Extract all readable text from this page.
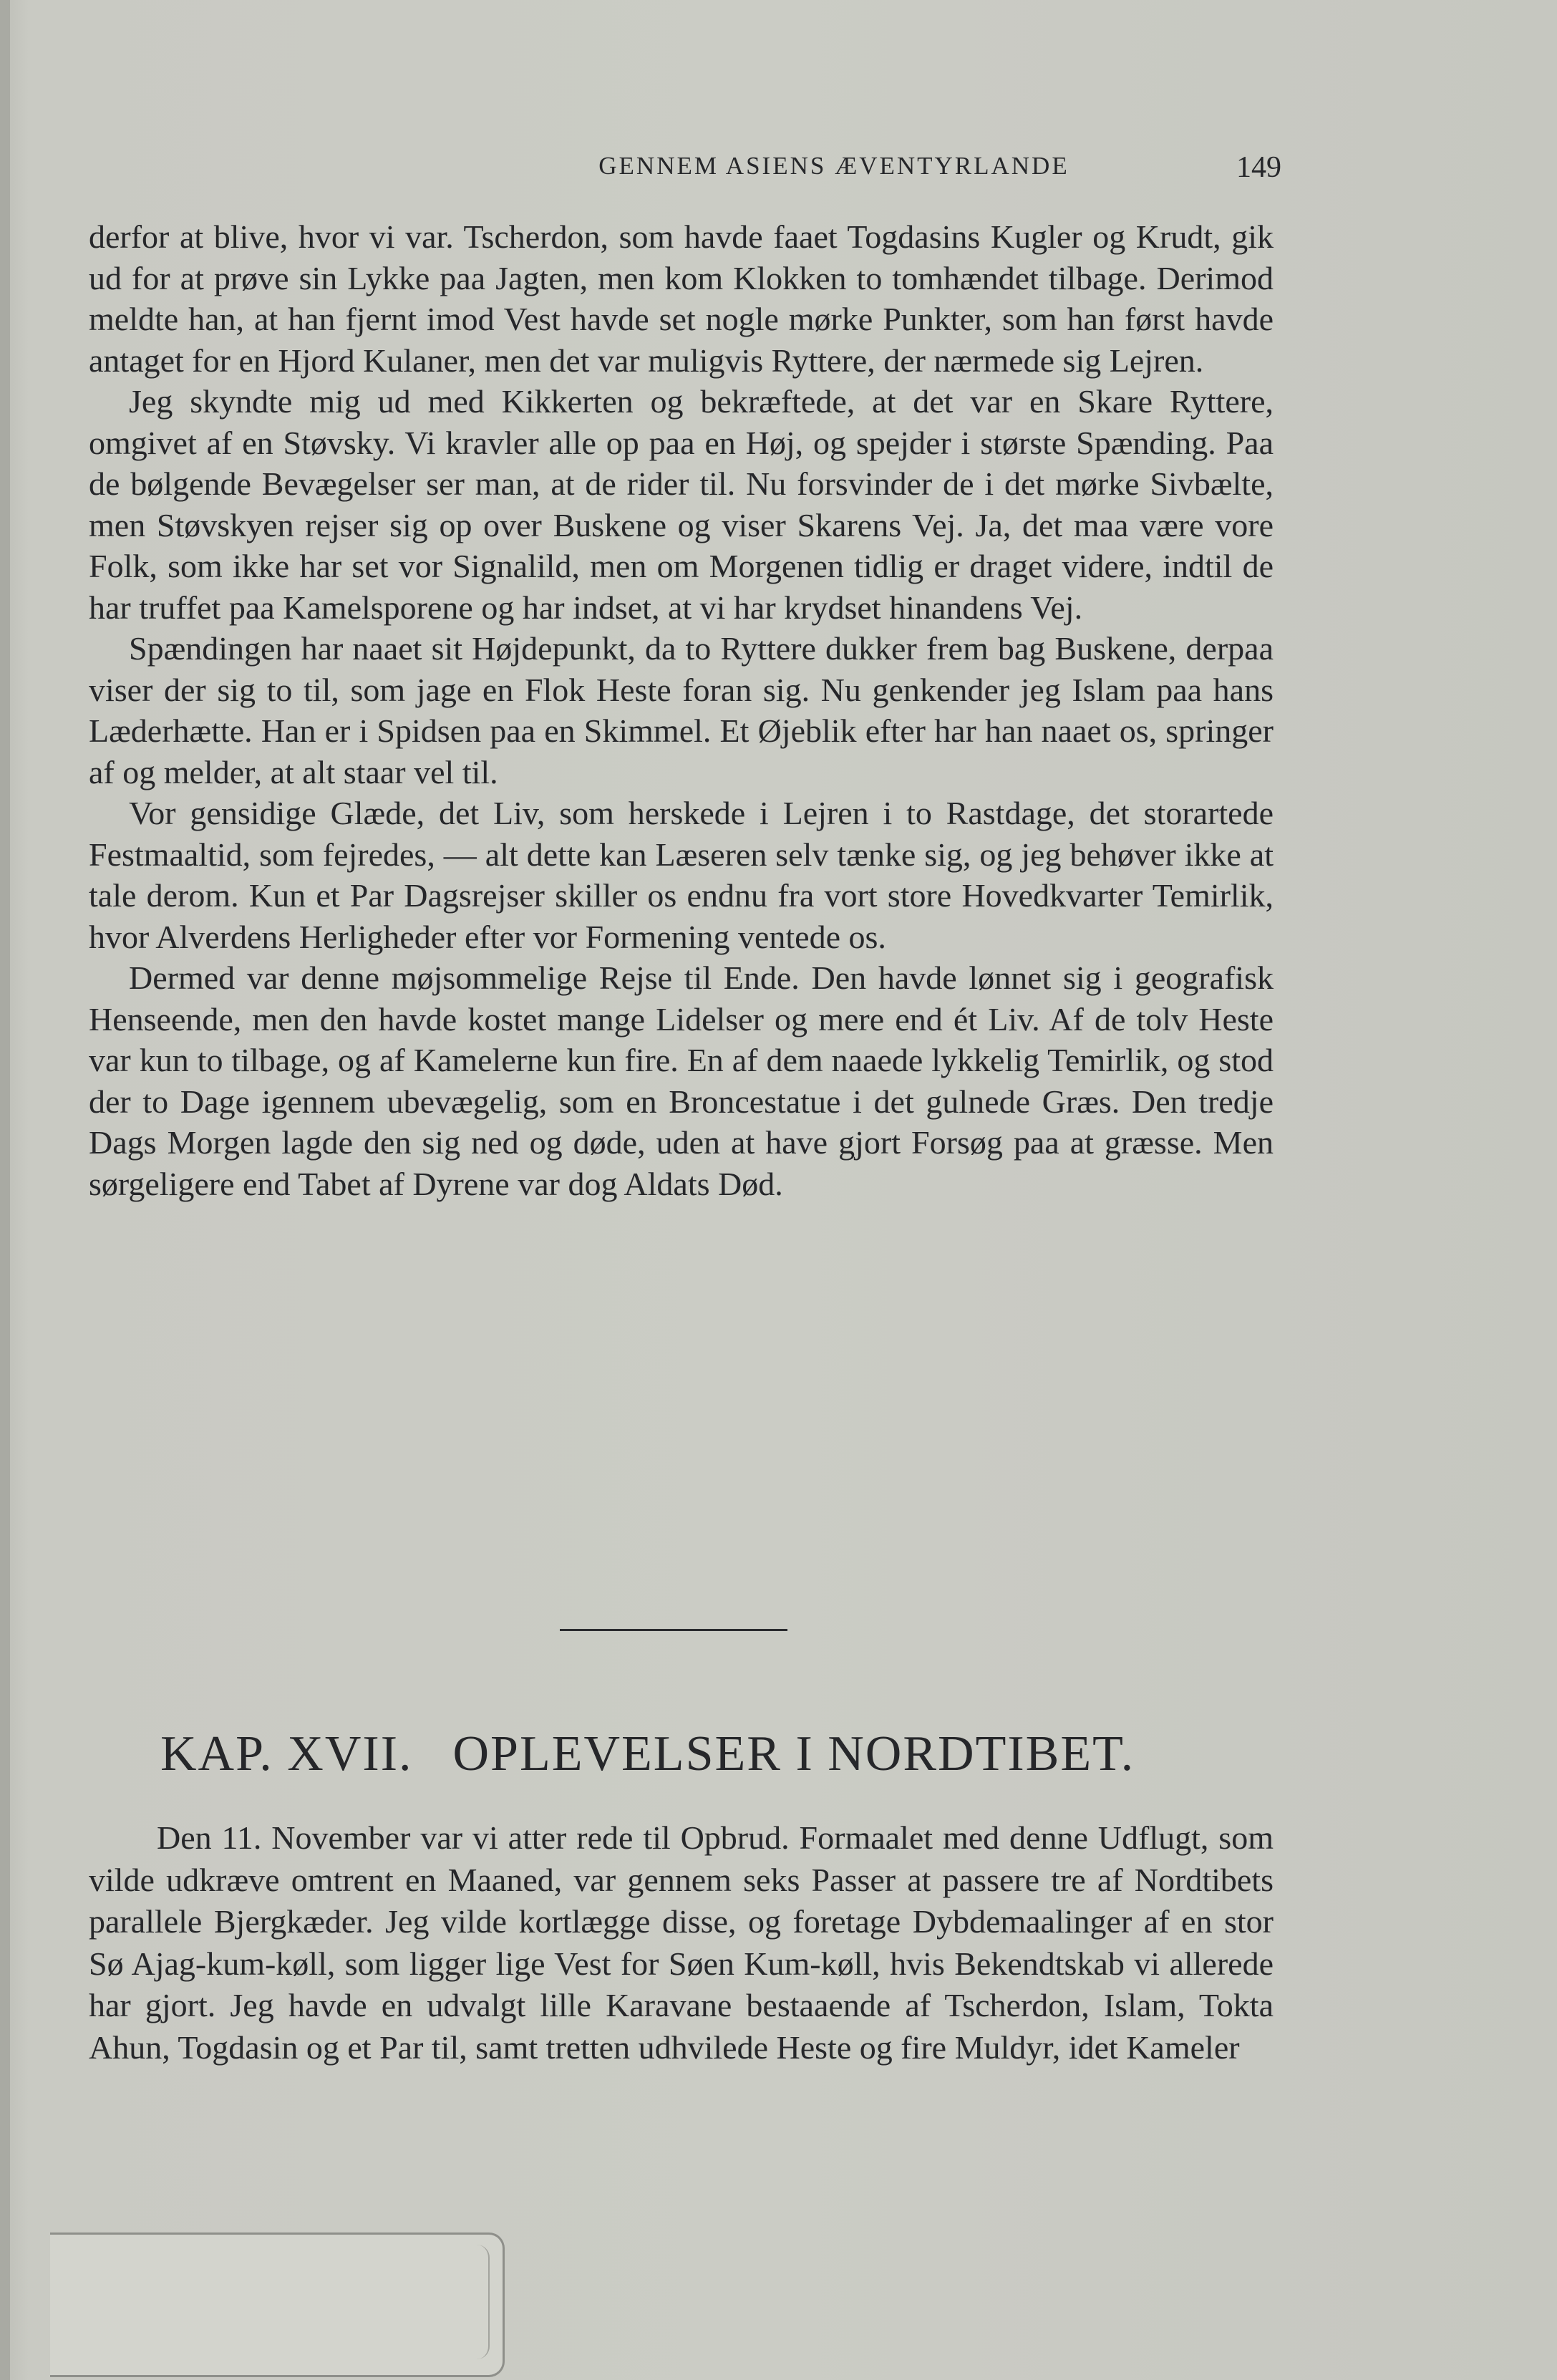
GENNEM ASIENS ÆVENTYRLANDE	149

derfor at blive, hvor vi var. Tscherdon, som havde faaet Togdasins Kugler og Krudt, gik ud for at prøve sin Lykke paa Jagten, men kom Klokken to tomhændet tilbage. Derimod meldte han, at han fjernt imod Vest havde set nogle mørke Punkter, som han først havde antaget for en Hjord Kulaner, men det var muligvis Ryttere, der nærmede sig Lejren.

Jeg skyndte mig ud med Kikkerten og bekræftede, at det var en Skare Ryttere, omgivet af en Støvsky. Vi kravler alle op paa en Høj, og spejder i største Spænding. Paa de bølgende Bevægelser ser man, at de rider til. Nu forsvinder de i det mørke Sivbælte, men Støvskyen rejser sig op over Buskene og viser Skarens Vej. Ja, det maa være vore Folk, som ikke har set vor Signalild, men om Morgenen tidlig er draget videre, indtil de har truffet paa Kamelsporene og har indset, at vi har krydset hinandens Vej.

Spændingen har naaet sit Højdepunkt, da to Ryttere dukker frem bag Buskene, derpaa viser der sig to til, som jage en Flok Heste foran sig. Nu genkender jeg Islam paa hans Læderhætte. Han er i Spidsen paa en Skimmel. Et Øjeblik efter har han naaet os, springer af og melder, at alt staar vel til.

Vor gensidige Glæde, det Liv, som herskede i Lejren i to Rastdage, det storartede Festmaaltid, som fejredes, — alt dette kan Læseren selv tænke sig, og jeg behøver ikke at tale derom. Kun et Par Dagsrejser skiller os endnu fra vort store Hovedkvarter Temirlik, hvor Alverdens Herligheder efter vor Formening ventede os.

Dermed var denne møjsommelige Rejse til Ende. Den havde lønnet sig i geografisk Henseende, men den havde kostet mange Lidelser og mere end ét Liv. Af de tolv Heste var kun to tilbage, og af Kamelerne kun fire. En af dem naaede lykkelig Temirlik, og stod der to Dage igennem ubevægelig, som en Broncestatue i det gulnede Græs. Den tredje Dags Morgen lagde den sig ned og døde, uden at have gjort Forsøg paa at græsse. Men sørgeligere end Tabet af Dyrene var dog Aldats Død.

KAP. XVII. OPLEVELSER I NORDTIBET.

Den 11. November var vi atter rede til Opbrud. Formaalet med denne Udflugt, som vilde udkræve omtrent en Maaned, var gennem seks Passer at passere tre af Nordtibets parallele Bjergkæder. Jeg vilde kortlægge disse, og foretage Dybdemaalinger af en stor Sø Ajag-kum-køll, som ligger lige Vest for Søen Kum-køll, hvis Bekendtskab vi allerede har gjort. Jeg havde en udvalgt lille Karavane bestaaende af Tscherdon, Islam, Tokta Ahun, Togdasin og et Par til, samt tretten udhvilede Heste og fire Muldyr, idet Kameler
